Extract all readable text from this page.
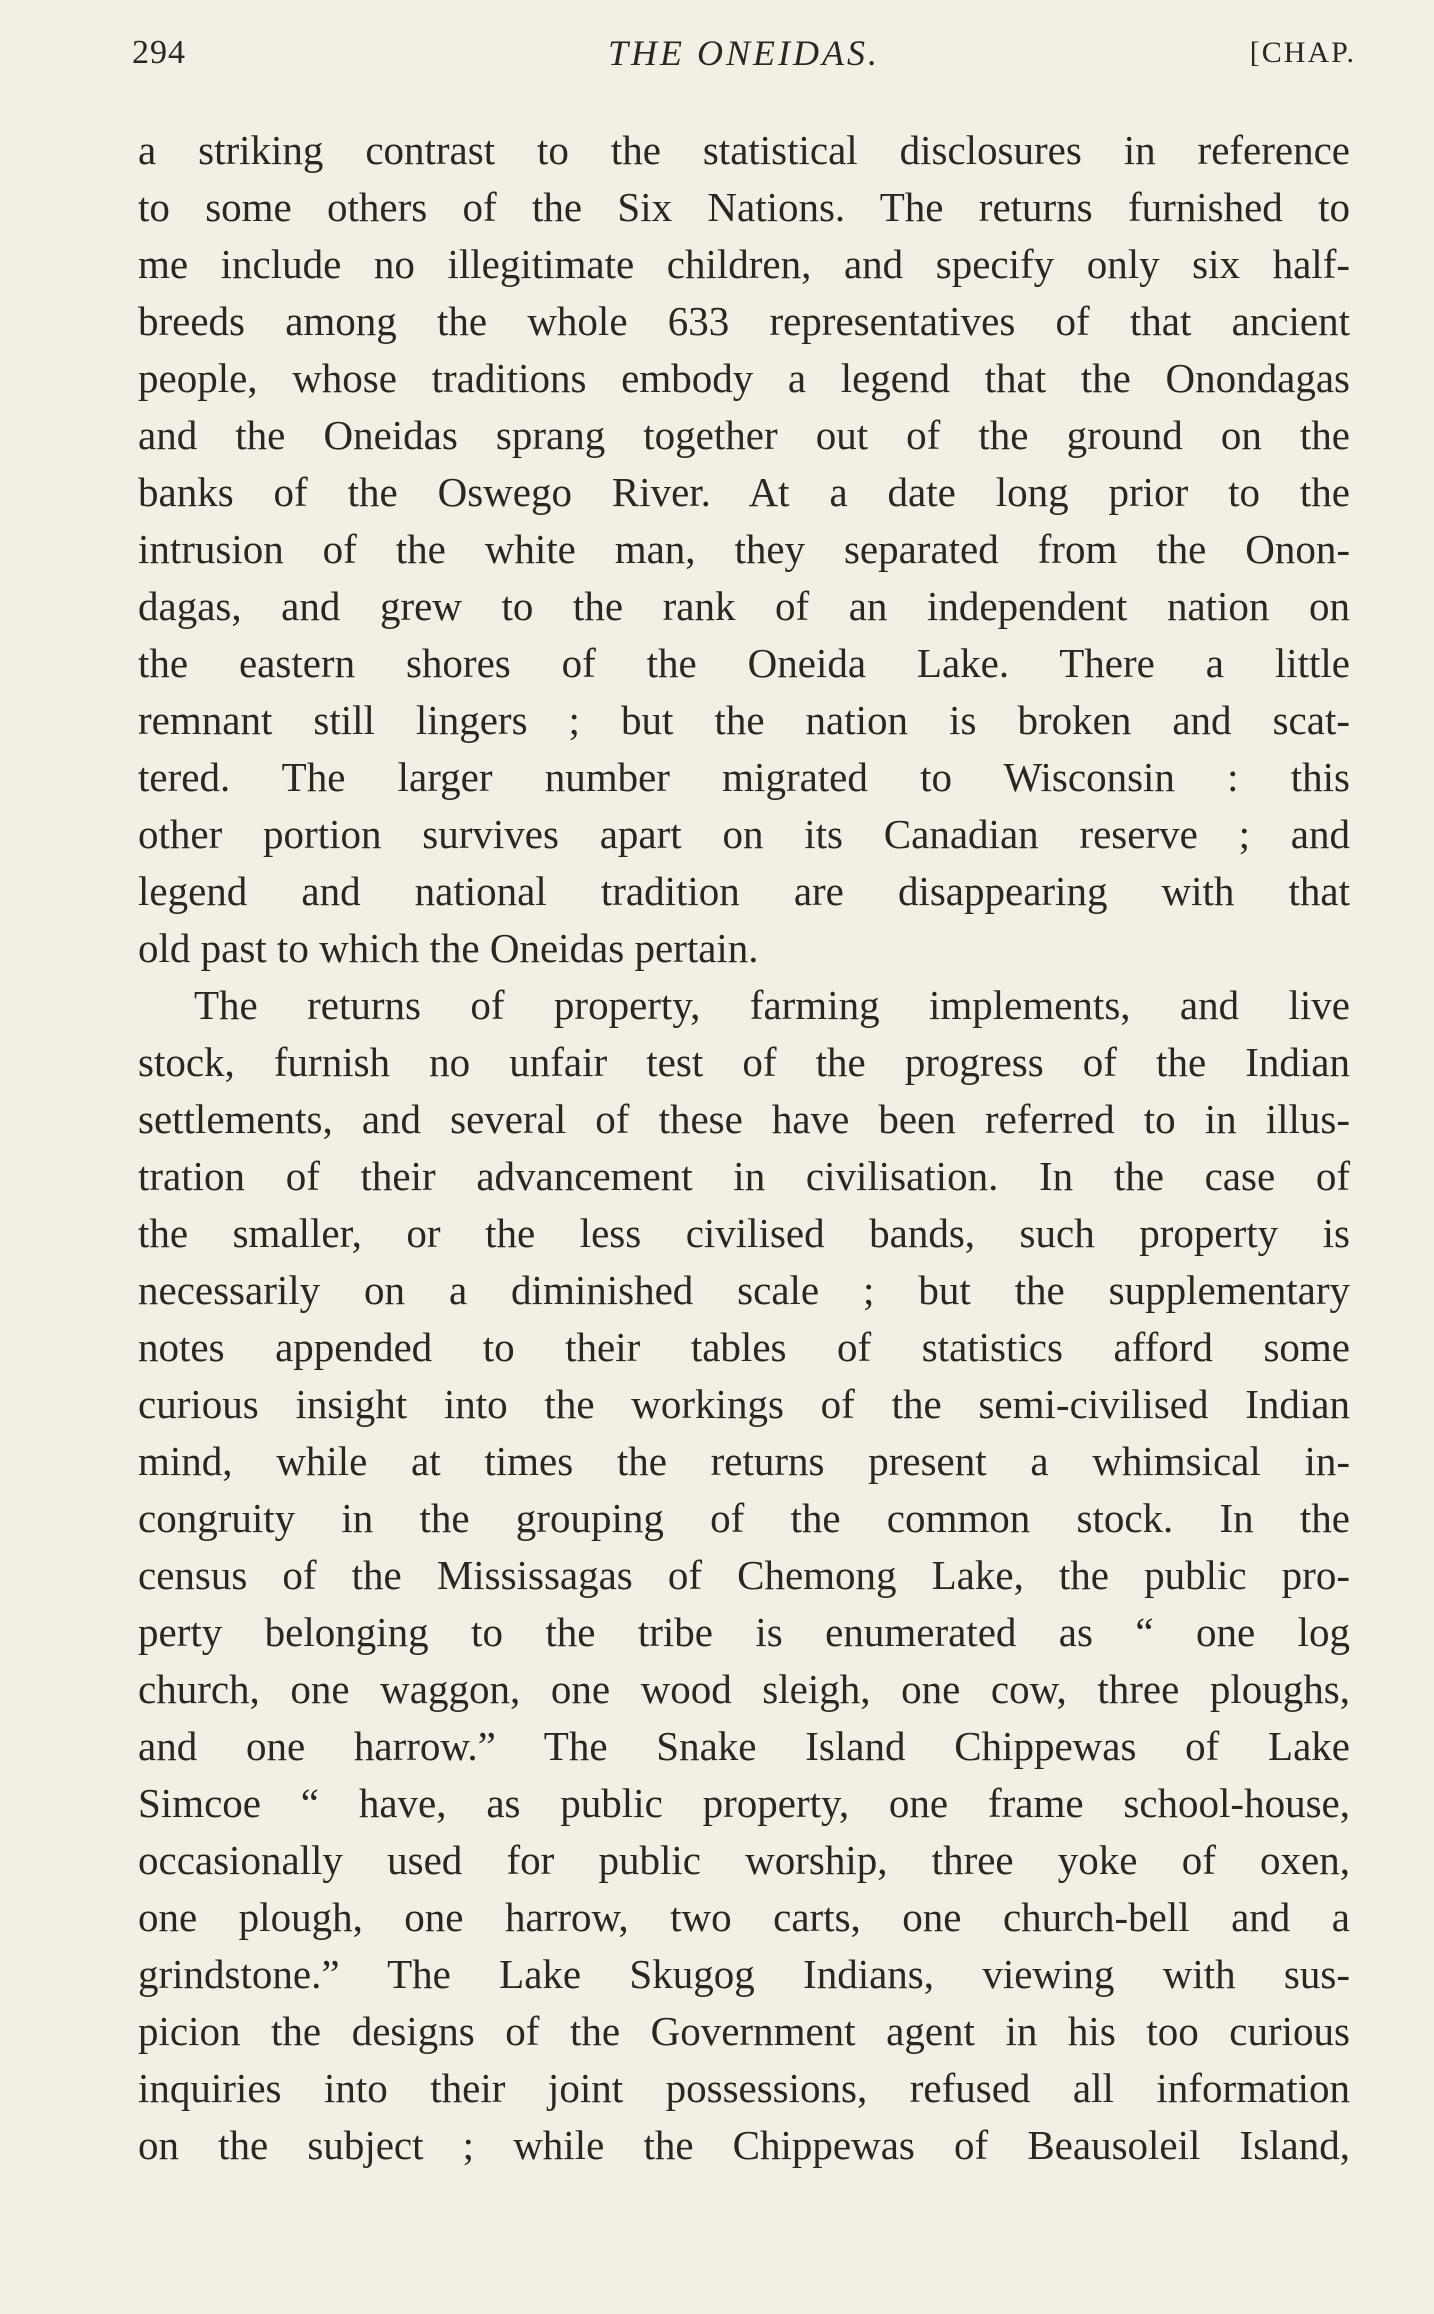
294	THE ONEIDAS.	[CHAP.
a striking contrast to the statistical disclosures in reference
to some others of the Six Nations. The returns furnished to
me include no illegitimate children, and specify only six half-
breeds among the whole 633 representatives of that ancient
people, whose traditions embody a legend that the Onondagas
and the Oneidas sprang together out of the ground on the
banks of the Oswego River. At a date long prior to the
intrusion of the white man, they separated from the Onon-
dagas, and grew to the rank of an independent nation on
the eastern shores of the Oneida Lake. There a little
remnant still lingers ; but the nation is broken and scat-
tered. The larger number migrated to Wisconsin : this
other portion survives apart on its Canadian reserve ; and
legend and national tradition are disappearing with that
old past to which the Oneidas pertain.
The returns of property, farming implements, and live
stock, furnish no unfair test of the progress of the Indian
settlements, and several of these have been referred to in illus-
tration of their advancement in civilisation. In the case of
the smaller, or the less civilised bands, such property is
necessarily on a diminished scale ; but the supplementary
notes appended to their tables of statistics afford some
curious insight into the workings of the semi-civilised Indian
mind, while at times the returns present a whimsical in-
congruity in the grouping of the common stock. In the
census of the Mississagas of Chemong Lake, the public pro-
perty belonging to the tribe is enumerated as “ one log
church, one waggon, one wood sleigh, one cow, three ploughs,
and one harrow.” The Snake Island Chippewas of Lake
Simcoe “ have, as public property, one frame school-house,
occasionally used for public worship, three yoke of oxen,
one plough, one harrow, two carts, one church-bell and a
grindstone.” The Lake Skugog Indians, viewing with sus-
picion the designs of the Government agent in his too curious
inquiries into their joint possessions, refused all information
on the subject ; while the Chippewas of Beausoleil Island,
